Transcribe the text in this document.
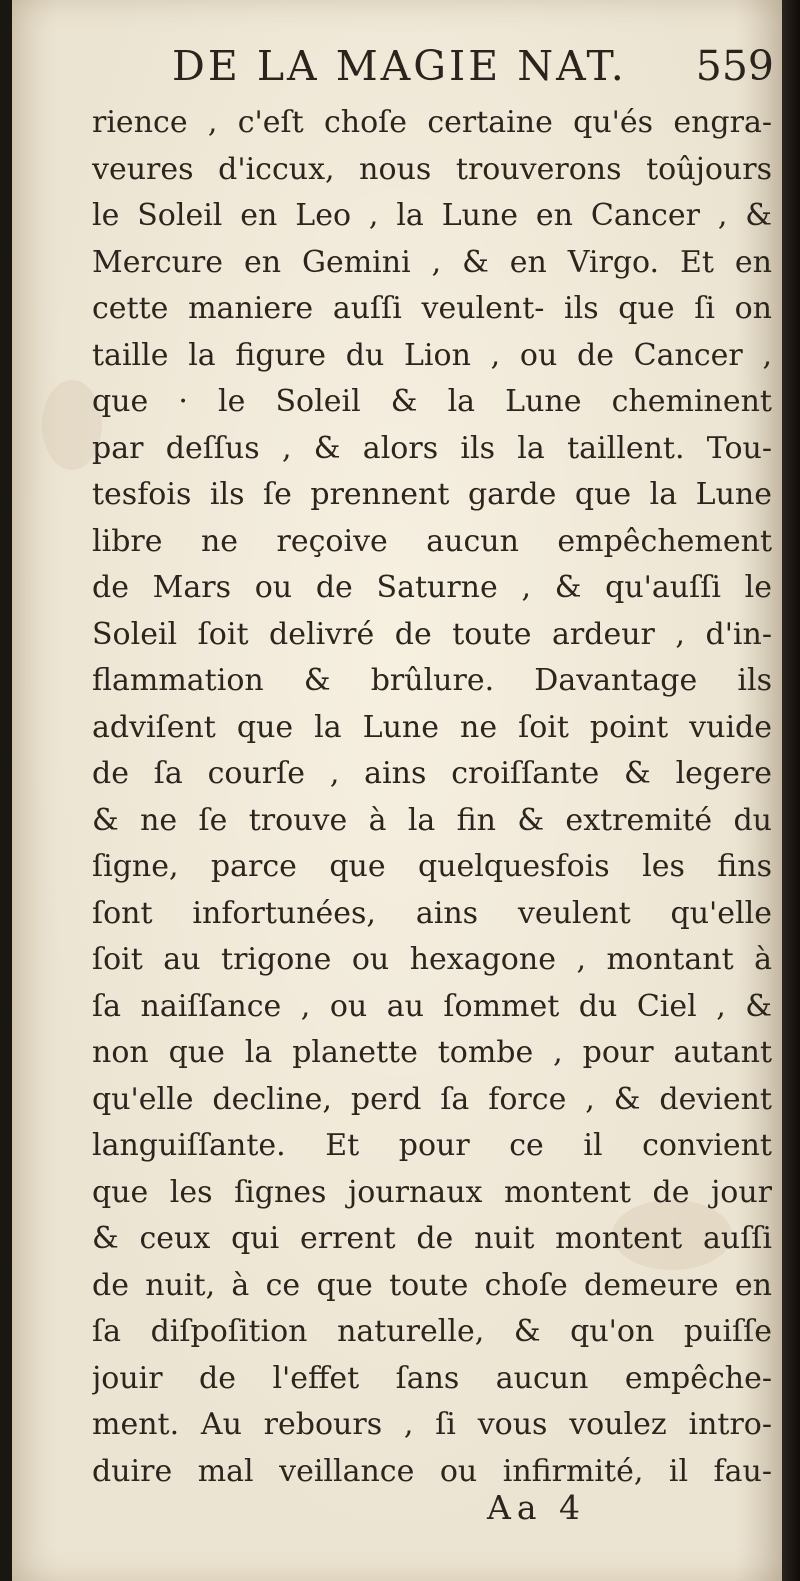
DE LA MAGIE NAT. 559
rience , c'eſt choſe certaine qu'és engra-
veures d'iccux, nous trouverons toûjours
le Soleil en Leo , la Lune en Cancer , &
Mercure en Gemini , & en Virgo. Et en
cette maniere auſſi veulent- ils que ſi on
taille la figure du Lion , ou de Cancer ,
que · le Soleil & la Lune cheminent
par deſſus , & alors ils la taillent. Tou-
tesfois ils ſe prennent garde que la Lune
libre ne reçoive aucun empêchement
de Mars ou de Saturne , & qu'auſſi le
Soleil ſoit delivré de toute ardeur , d'in-
flammation & brûlure. Davantage ils
adviſent que la Lune ne ſoit point vuide
de ſa courſe , ains croiſſante & legere
& ne ſe trouve à la fin & extremité du
ſigne, parce que quelquesfois les fins
ſont infortunées, ains veulent qu'elle
ſoit au trigone ou hexagone , montant à
ſa naiſſance , ou au ſommet du Ciel , &
non que la planette tombe , pour autant
qu'elle decline, perd ſa force , & devient
languiſſante. Et pour ce il convient
que les ſignes journaux montent de jour
& ceux qui errent de nuit montent auſſi
de nuit, à ce que toute choſe demeure en
ſa diſpoſition naturelle, & qu'on puiſſe
jouir de l'effet ſans aucun empêche-
ment. Au rebours , ſi vous voulez intro-
duire mal veillance ou infirmité, il fau-
Aa 4
